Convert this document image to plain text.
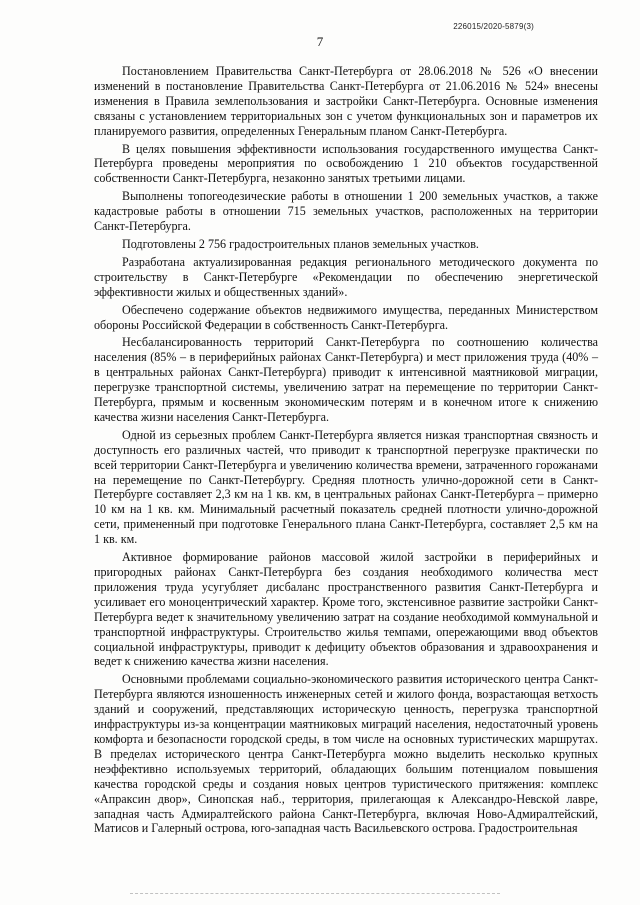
226015/2020-5879(3)
7

Постановлением Правительства Санкт-Петербурга от 28.06.2018 № 526 «О внесении изменений в постановление Правительства Санкт-Петербурга от 21.06.2016 № 524» внесены изменения в Правила землепользования и застройки Санкт-Петербурга. Основные изменения связаны с установлением территориальных зон с учетом функциональных зон и параметров их планируемого развития, определенных Генеральным планом Санкт-Петербурга.

В целях повышения эффективности использования государственного имущества Санкт-Петербурга проведены мероприятия по освобождению 1 210 объектов государственной собственности Санкт-Петербурга, незаконно занятых третьими лицами.

Выполнены топогеодезические работы в отношении 1 200 земельных участков, а также кадастровые работы в отношении 715 земельных участков, расположенных на территории Санкт-Петербурга.

Подготовлены 2 756 градостроительных планов земельных участков.

Разработана актуализированная редакция регионального методического документа по строительству в Санкт-Петербурге «Рекомендации по обеспечению энергетической эффективности жилых и общественных зданий».

Обеспечено содержание объектов недвижимого имущества, переданных Министерством обороны Российской Федерации в собственность Санкт-Петербурга.

Несбалансированность территорий Санкт-Петербурга по соотношению количества населения (85% – в периферийных районах Санкт-Петербурга) и мест приложения труда (40% – в центральных районах Санкт-Петербурга) приводит к интенсивной маятниковой миграции, перегрузке транспортной системы, увеличению затрат на перемещение по территории Санкт-Петербурга, прямым и косвенным экономическим потерям и в конечном итоге к снижению качества жизни населения Санкт-Петербурга.

Одной из серьезных проблем Санкт-Петербурга является низкая транспортная связность и доступность его различных частей, что приводит к транспортной перегрузке практически по всей территории Санкт-Петербурга и увеличению количества времени, затраченного горожанами на перемещение по Санкт-Петербургу. Средняя плотность улично-дорожной сети в Санкт-Петербурге составляет 2,3 км на 1 кв. км, в центральных районах Санкт-Петербурга – примерно 10 км на 1 кв. км. Минимальный расчетный показатель средней плотности улично-дорожной сети, примененный при подготовке Генерального плана Санкт-Петербурга, составляет 2,5 км на 1 кв. км.

Активное формирование районов массовой жилой застройки в периферийных и пригородных районах Санкт-Петербурга без создания необходимого количества мест приложения труда усугубляет дисбаланс пространственного развития Санкт-Петербурга и усиливает его моноцентрический характер. Кроме того, экстенсивное развитие застройки Санкт-Петербурга ведет к значительному увеличению затрат на создание необходимой коммунальной и транспортной инфраструктуры. Строительство жилья темпами, опережающими ввод объектов социальной инфраструктуры, приводит к дефициту объектов образования и здравоохранения и ведет к снижению качества жизни населения.

Основными проблемами социально-экономического развития исторического центра Санкт-Петербурга являются изношенность инженерных сетей и жилого фонда, возрастающая ветхость зданий и сооружений, представляющих историческую ценность, перегрузка транспортной инфраструктуры из-за концентрации маятниковых миграций населения, недостаточный уровень комфорта и безопасности городской среды, в том числе на основных туристических маршрутах. В пределах исторического центра Санкт-Петербурга можно выделить несколько крупных неэффективно используемых территорий, обладающих большим потенциалом повышения качества городской среды и создания новых центров туристического притяжения: комплекс «Апраксин двор», Синопская наб., территория, прилегающая к Александро-Невской лавре, западная часть Адмиралтейского района Санкт-Петербурга, включая Ново-Адмиралтейский, Матисов и Галерный острова, юго-западная часть Васильевского острова. Градостроительная
